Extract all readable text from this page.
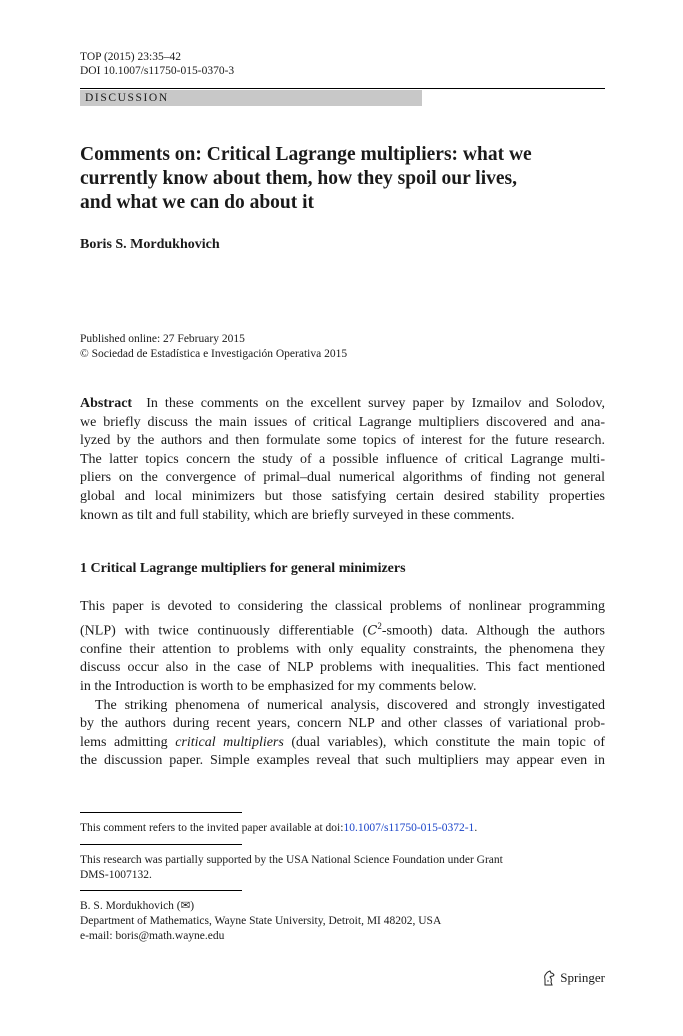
TOP (2015) 23:35–42
DOI 10.1007/s11750-015-0370-3
DISCUSSION
Comments on: Critical Lagrange multipliers: what we
currently know about them, how they spoil our lives,
and what we can do about it
Boris S. Mordukhovich
Published online: 27 February 2015
© Sociedad de Estadística e Investigación Operativa 2015
Abstract In these comments on the excellent survey paper by Izmailov and Solodov,
we briefly discuss the main issues of critical Lagrange multipliers discovered and ana-
lyzed by the authors and then formulate some topics of interest for the future research.
The latter topics concern the study of a possible influence of critical Lagrange multi-
pliers on the convergence of primal–dual numerical algorithms of finding not general
global and local minimizers but those satisfying certain desired stability properties
known as tilt and full stability, which are briefly surveyed in these comments.
1 Critical Lagrange multipliers for general minimizers
This paper is devoted to considering the classical problems of nonlinear programming
(NLP) with twice continuously differentiable $(C^2-smooth)$ data. Although the authors
confine their attention to problems with only equality constraints, the phenomena they
discuss occur also in the case of NLP problems with inequalities. This fact mentioned
in the Introduction is worth to be emphasized for my comments below.
The striking phenomena of numerical analysis, discovered and strongly investigated
by the authors during recent years, concern NLP and other classes of variational prob-
lems admitting critical multipliers (dual variables), which constitute the main topic of
the discussion paper. Simple examples reveal that such multipliers may appear even in
This comment refers to the invited paper available at doi:10.1007/s11750-015-0372-1.
This research was partially supported by the USA National Science Foundation under Grant
DMS-1007132.
B. S. Mordukhovich (✉)
Department of Mathematics, Wayne State University, Detroit, MI 48202, USA
e-mail: boris@math.wayne.edu
Springer
